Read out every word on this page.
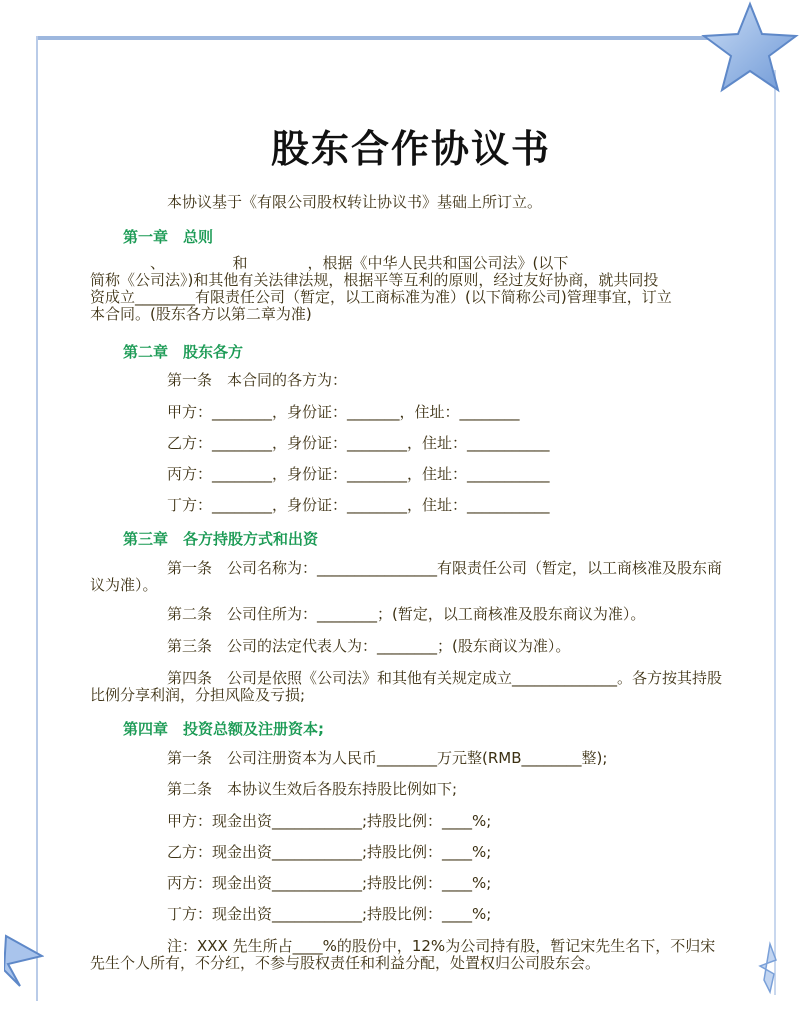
股东合作协议书
本协议基于《有限公司股权转让协议书》基础上所订立。
第一章　总则
　　　　、　　　　　和　　　　，根据《中华人民共和国公司法》(以下
简称《公司法》)和其他有关法律法规，根据平等互利的原则，经过友好协商，就共同投
资成立________有限责任公司（暂定，以工商标准为准）(以下简称公司)管理事宜，订立
本合同。(股东各方以第二章为准)
第二章　股东各方
第一条　本合同的各方为：
甲方：________，身份证：_______，住址：________
乙方：________，身份证：________，住址：___________
丙方：________，身份证：________，住址：___________
丁方：________，身份证：________，住址：___________
第三章　各方持股方式和出资
第一条　公司名称为：________________有限责任公司（暂定，以工商核准及股东商
议为准）。
第二条　公司住所为：________；(暂定，以工商核准及股东商议为准）。
第三条　公司的法定代表人为：________；(股东商议为准）。
第四条　公司是依照《公司法》和其他有关规定成立______________。各方按其持股
比例分享利润，分担风险及亏损;
第四章　投资总额及注册资本;
第一条　公司注册资本为人民币________万元整(RMB________整);
第二条　本协议生效后各股东持股比例如下;
甲方：现金出资____________;持股比例：____%;
乙方：现金出资____________;持股比例：____%;
丙方：现金出资____________;持股比例：____%;
丁方：现金出资____________;持股比例：____%;
注：XXX 先生所占____%的股份中，12%为公司持有股，暂记宋先生名下，不归宋
先生个人所有，不分红，不参与股权责任和利益分配，处置权归公司股东会。
